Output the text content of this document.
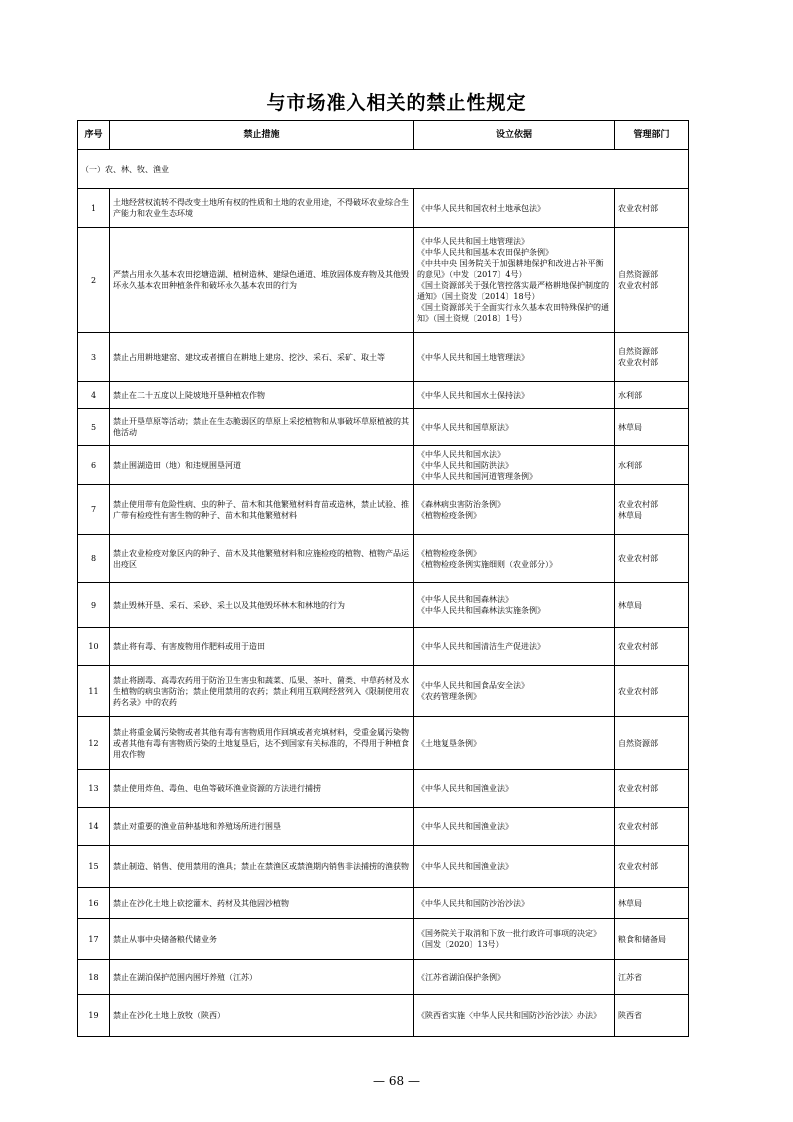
与市场准入相关的禁止性规定
序号	禁止措施	设立依据	管理部门
（一）农、林、牧、渔业			
1	土地经营权流转不得改变土地所有权的性质和土地的农业用途，不得破坏农业综合生产能力和农业生态环境	《中华人民共和国农村土地承包法》	农业农村部

2	严禁占用永久基本农田挖塘造湖、植树造林、建绿色通道、堆放固体废弃物及其他毁坏永久基本农田种植条件和破坏永久基本农田的行为	《中华人民共和国土地管理法》
《中华人民共和国基本农田保护条例》
《中共中央 国务院关于加强耕地保护和改进占补平衡的意见》（中发〔2017〕4号）
《国土资源部关于强化管控落实最严格耕地保护制度的通知》（国土资发〔2014〕18号）
《国土资源部关于全面实行永久基本农田特殊保护的通知》（国土资规〔2018〕1号）	自然资源部
农业农村部

3	禁止占用耕地建窑、建坟或者擅自在耕地上建房、挖沙、采石、采矿、取土等	《中华人民共和国土地管理法》	自然资源部
农业农村部

4	禁止在二十五度以上陡坡地开垦种植农作物	《中华人民共和国水土保持法》	水利部

5	禁止开垦草原等活动；禁止在生态脆弱区的草原上采挖植物和从事破坏草原植被的其他活动	《中华人民共和国草原法》	林草局

6	禁止围湖造田（地）和违规围垦河道	《中华人民共和国水法》
《中华人民共和国防洪法》
《中华人民共和国河道管理条例》	水利部

7	禁止使用带有危险性病、虫的种子、苗木和其他繁殖材料育苗或造林，禁止试验、推广带有检疫性有害生物的种子、苗木和其他繁殖材料	《森林病虫害防治条例》
《植物检疫条例》	农业农村部
林草局

8	禁止农业检疫对象区内的种子、苗木及其他繁殖材料和应施检疫的植物、植物产品运出疫区	《植物检疫条例》
《植物检疫条例实施细则（农业部分）》	农业农村部

9	禁止毁林开垦、采石、采砂、采土以及其他毁坏林木和林地的行为	《中华人民共和国森林法》
《中华人民共和国森林法实施条例》	林草局

10	禁止将有毒、有害废物用作肥料或用于造田	《中华人民共和国清洁生产促进法》	农业农村部

11	禁止将剧毒、高毒农药用于防治卫生害虫和蔬菜、瓜果、茶叶、菌类、中草药材及水生植物的病虫害防治；禁止使用禁用的农药；禁止利用互联网经营列入《限制使用农药名录》中的农药	《中华人民共和国食品安全法》
《农药管理条例》	农业农村部

12	禁止将重金属污染物或者其他有毒有害物质用作回填或者充填材料，受重金属污染物或者其他有毒有害物质污染的土地复垦后，达不到国家有关标准的，不得用于种植食用农作物	《土地复垦条例》	自然资源部

13	禁止使用炸鱼、毒鱼、电鱼等破坏渔业资源的方法进行捕捞	《中华人民共和国渔业法》	农业农村部

14	禁止对重要的渔业苗种基地和养殖场所进行围垦	《中华人民共和国渔业法》	农业农村部

15	禁止制造、销售、使用禁用的渔具；禁止在禁渔区或禁渔期内销售非法捕捞的渔获物	《中华人民共和国渔业法》	农业农村部

16	禁止在沙化土地上砍挖灌木、药材及其他固沙植物	《中华人民共和国防沙治沙法》	林草局

17	禁止从事中央储备粮代储业务	《国务院关于取消和下放一批行政许可事项的决定》（国发〔2020〕13号）	粮食和储备局

18	禁止在湖泊保护范围内围圩养殖（江苏）	《江苏省湖泊保护条例》	江苏省

19	禁止在沙化土地上放牧（陕西）	《陕西省实施〈中华人民共和国防沙治沙法〉办法》	陕西省
— 68 —
